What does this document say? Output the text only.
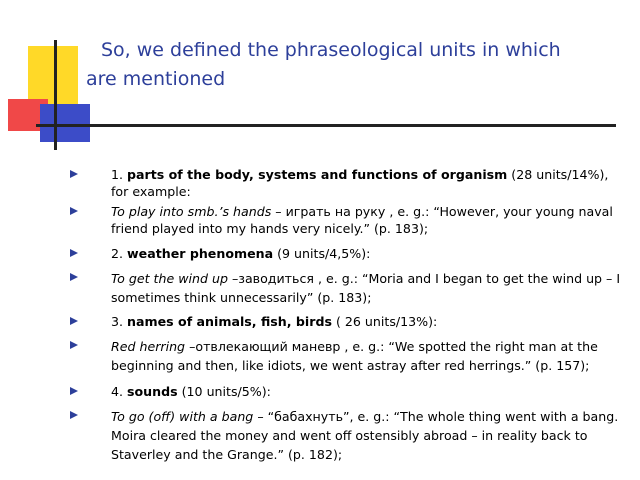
So, we defined the phraseological units in which
are mentioned
1. parts of the body, systems and functions of organism (28 units/14%), for example:
To play into smb.’s hands – играть на руку , e. g.: “However, your young naval friend played into my hands very nicely.” (p. 183);
2. weather phenomena (9 units/4,5%):
To get the wind up –заводиться , e. g.: “Moria and I began to get the wind up – I sometimes think unnecessarily” (p. 183);
3. names of animals, fish, birds ( 26 units/13%):
Red herring –отвлекающий маневр , e. g.: “We spotted the right man at the beginning and then, like idiots, we went astray after red herrings.” (p. 157);
4. sounds (10 units/5%):
To go (off) with a bang – “бабахнуть”, e. g.: “The whole thing went with a bang. Moira cleared the money and went off ostensibly abroad – in reality back to Staverley and the Grange.” (p. 182);
